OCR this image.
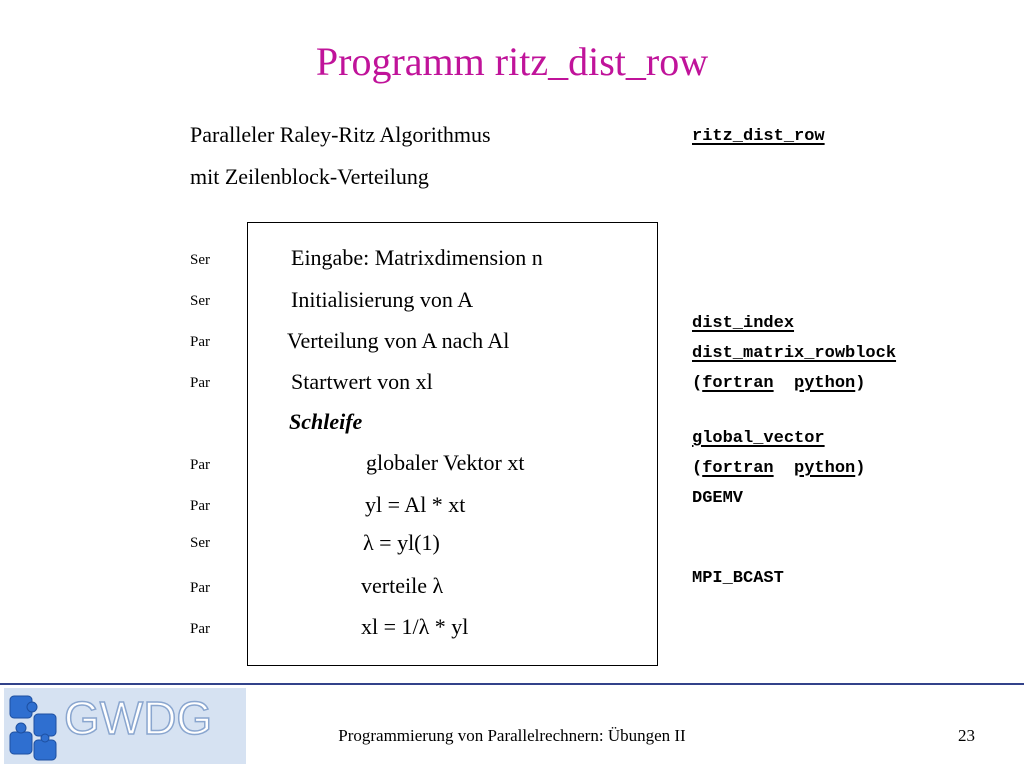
Programm ritz_dist_row
Paralleler Raley-Ritz Algorithmus
mit Zeilenblock-Verteilung
Ser
Ser
Par
Par
Par
Par
Ser
Par
Par
Eingabe: Matrixdimension n
Initialisierung von A
Verteilung von A nach Al
Startwert von xl
Schleife
globaler Vektor xt
yl = Al * xt
λ = yl(1)
verteile λ
xl = 1/λ * yl
ritz_dist_row
dist_index
dist_matrix_rowblock
(fortran python)
global_vector
(fortran python)
DGEMV
MPI_BCAST
GWDG	Programmierung von Parallelrechnern: Übungen II	23
